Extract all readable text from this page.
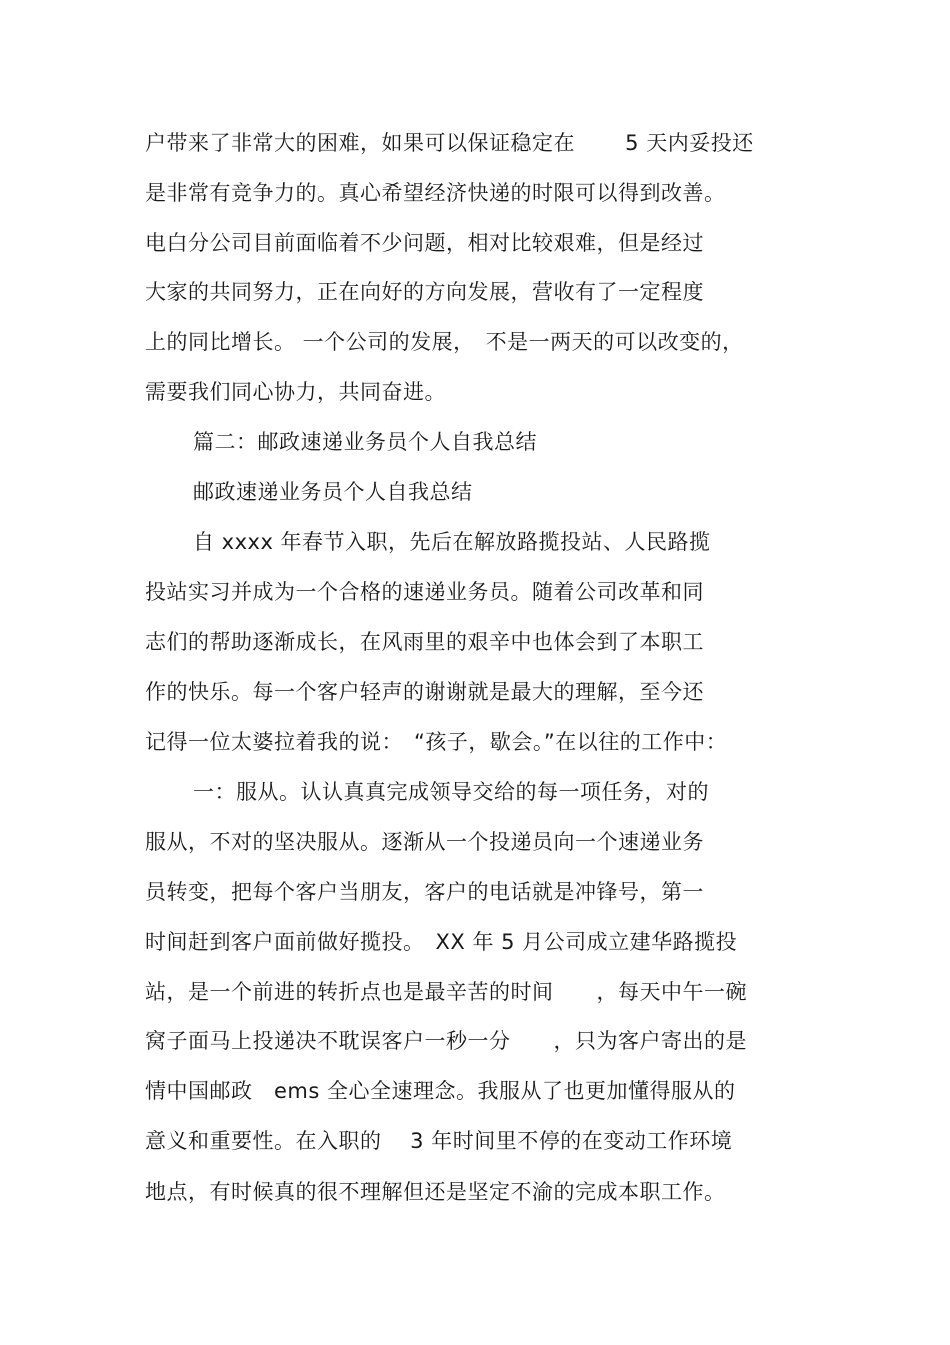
户带来了非常大的困难，如果可以保证稳定在　　 5 天内妥投还
是非常有竞争力的。真心希望经济快递的时限可以得到改善。
电白分公司目前面临着不少问题，相对比较艰难，但是经过
大家的共同努力，正在向好的方向发展，营收有了一定程度
上的同比增长。 一个公司的发展，　不是一两天的可以改变的，
需要我们同心协力，共同奋进。
篇二：邮政速递业务员个人自我总结
邮政速递业务员个人自我总结
自 xxxx 年春节入职，先后在解放路揽投站、人民路揽
投站实习并成为一个合格的速递业务员。随着公司改革和同
志们的帮助逐渐成长，在风雨里的艰辛中也体会到了本职工
作的快乐。每一个客户轻声的谢谢就是最大的理解，至今还
记得一位太婆拉着我的说：　“孩子，歇会。”在以往的工作中：
一：服从。认认真真完成领导交给的每一项任务，对的
服从，不对的坚决服从。逐渐从一个投递员向一个速递业务
员转变，把每个客户当朋友，客户的电话就是冲锋号，第一
时间赶到客户面前做好揽投。　XX 年 5 月公司成立建华路揽投
站，是一个前进的转折点也是最辛苦的时间　　，每天中午一碗
窝子面马上投递决不耽误客户一秒一分　　，只为客户寄出的是
情中国邮政　ems 全心全速理念。我服从了也更加懂得服从的
意义和重要性。在入职的　 3 年时间里不停的在变动工作环境
地点，有时候真的很不理解但还是坚定不渝的完成本职工作。
